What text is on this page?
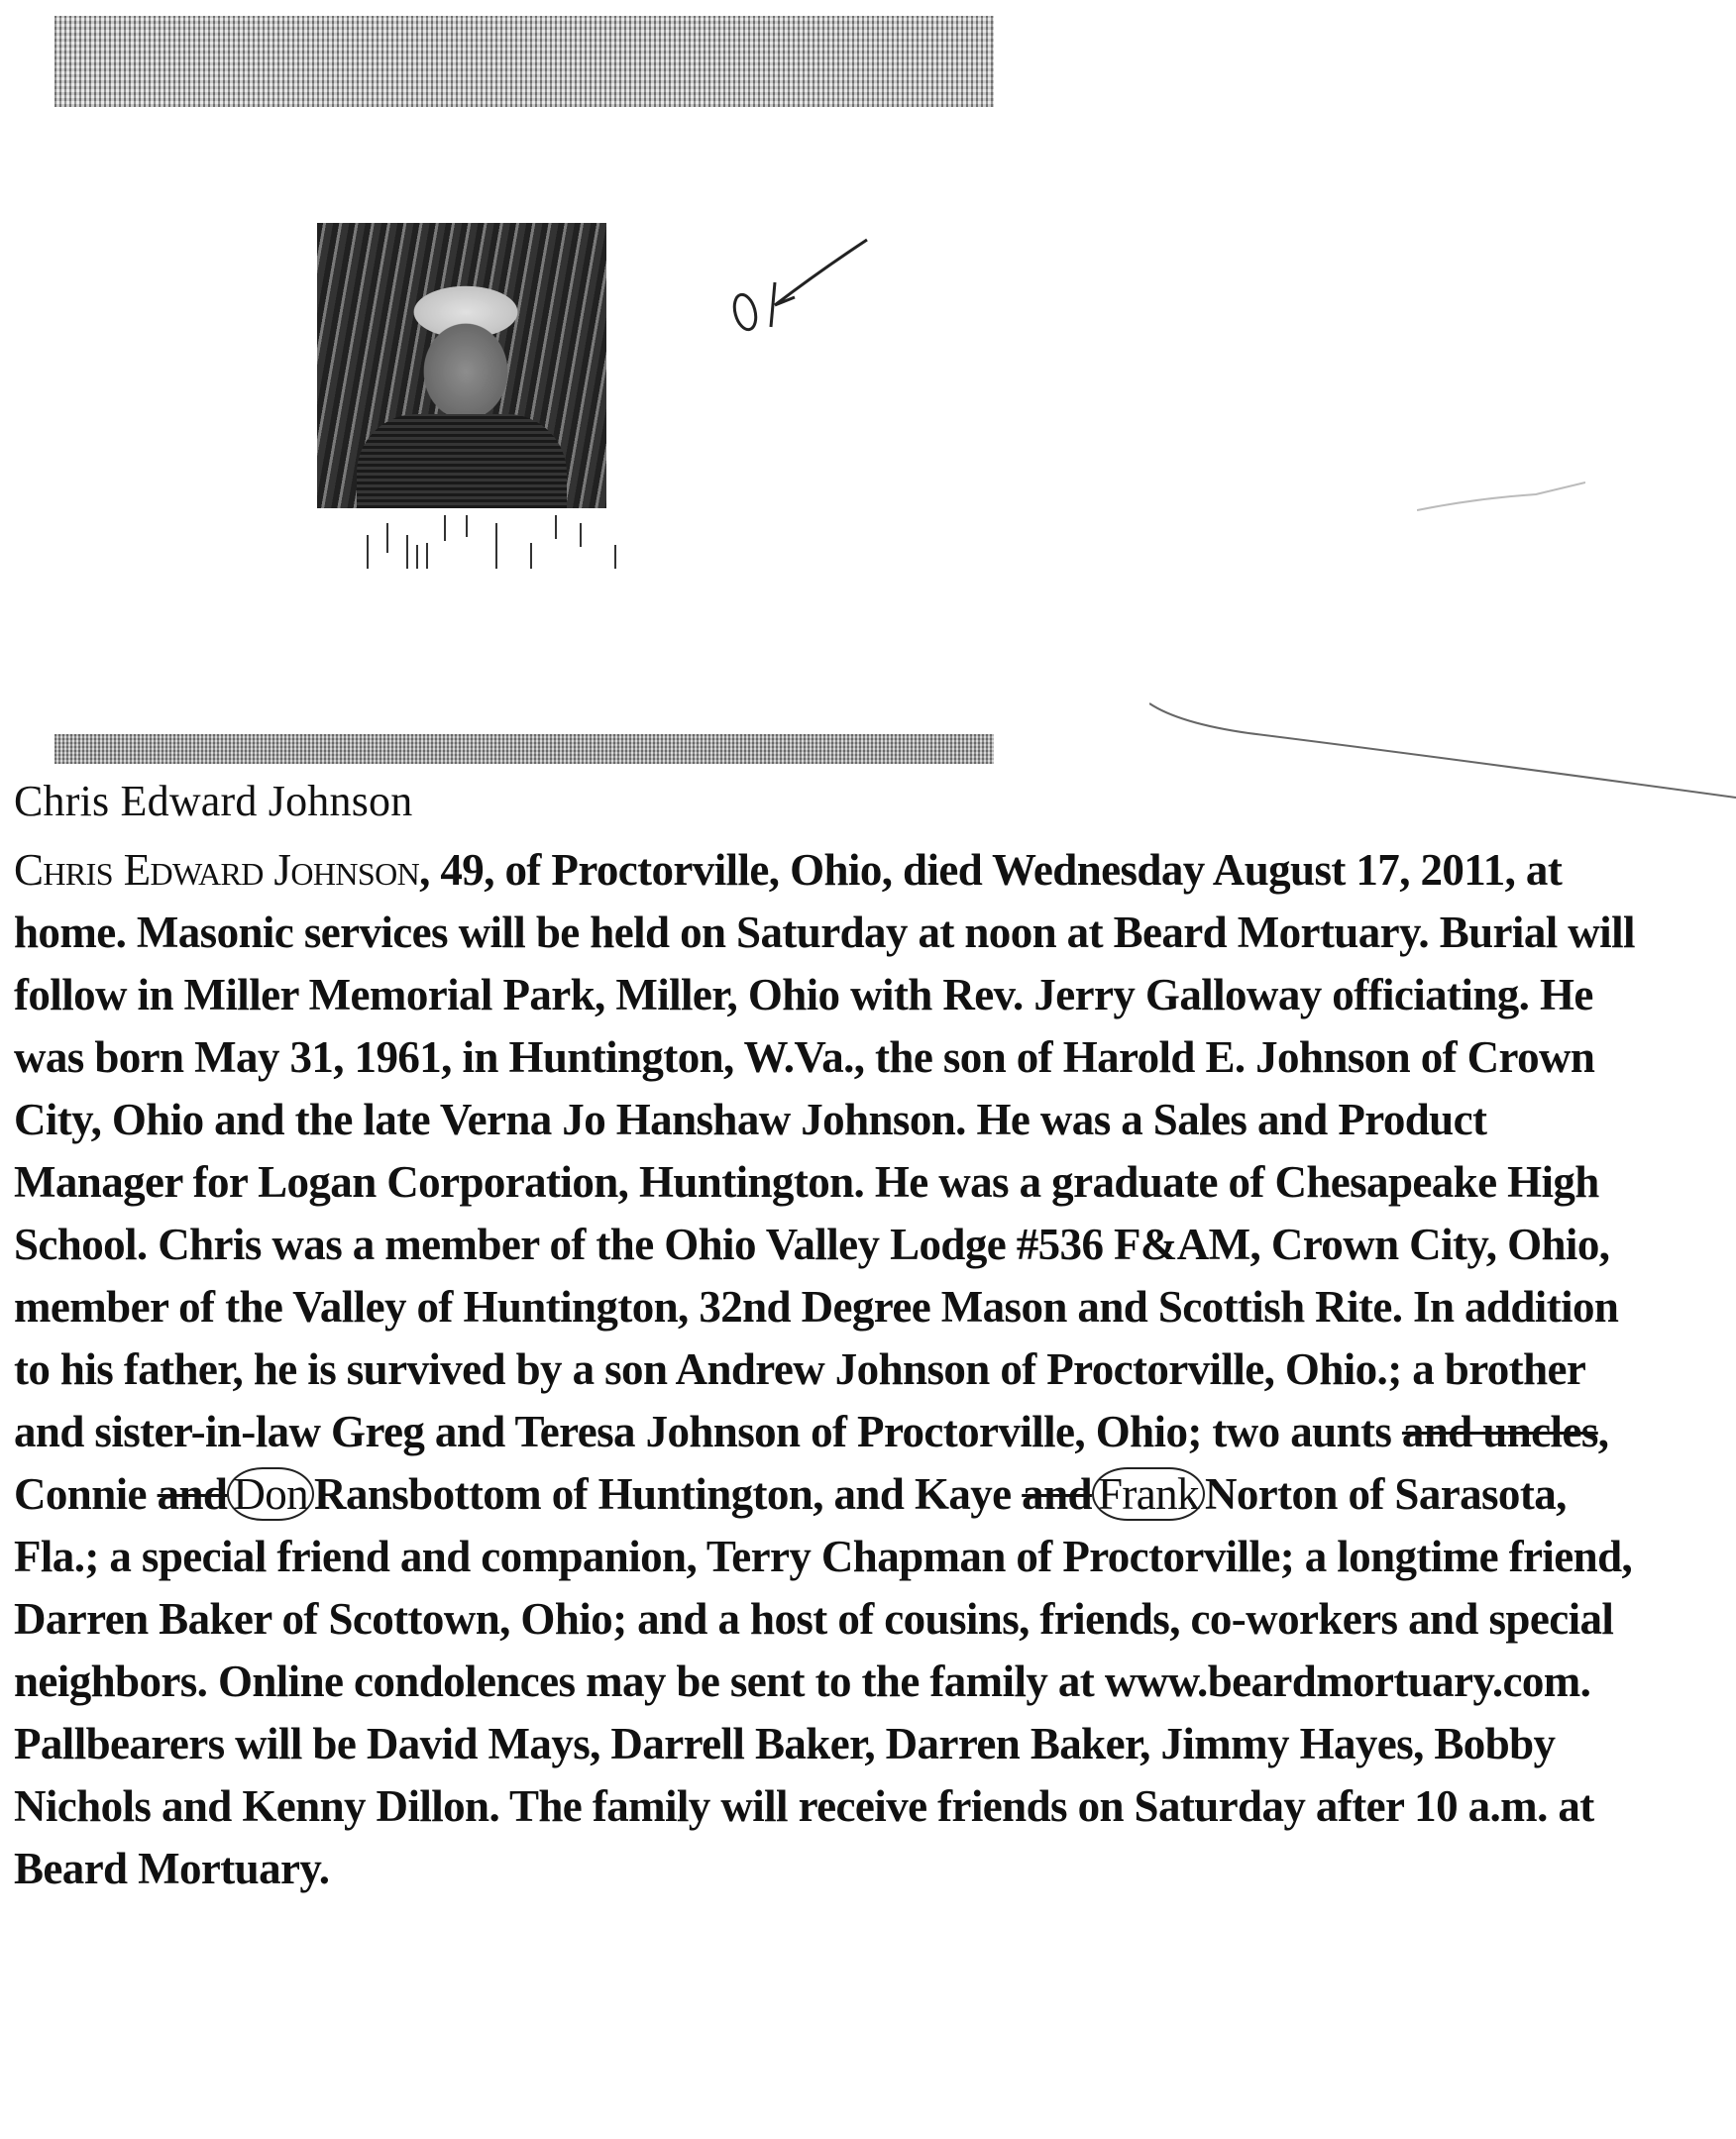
Chris Edward Johnson

Chris Edward Johnson, 49, of Proctorville, Ohio, died Wednesday August 17, 2011, at home. Masonic services will be held on Saturday at noon at Beard Mortuary. Burial will follow in Miller Memorial Park, Miller, Ohio with Rev. Jerry Galloway officiating. He was born May 31, 1961, in Huntington, W.Va., the son of Harold E. Johnson of Crown City, Ohio and the late Verna Jo Hanshaw Johnson. He was a Sales and Product Manager for Logan Corporation, Huntington. He was a graduate of Chesapeake High School. Chris was a member of the Ohio Valley Lodge #536 F&AM, Crown City, Ohio, member of the Valley of Huntington, 32nd Degree Mason and Scottish Rite. In addition to his father, he is survived by a son Andrew Johnson of Proctorville, Ohio.; a brother and sister-in-law Greg and Teresa Johnson of Proctorville, Ohio; two aunts and uncles, Connie and Don Ransbottom of Huntington, and Kaye and Frank Norton of Sarasota, Fla.; a special friend and companion, Terry Chapman of Proctorville; a longtime friend, Darren Baker of Scottown, Ohio; and a host of cousins, friends, co-workers and special neighbors. Online condolences may be sent to the family at www.beardmortuary.com. Pallbearers will be David Mays, Darrell Baker, Darren Baker, Jimmy Hayes, Bobby Nichols and Kenny Dillon. The family will receive friends on Saturday after 10 a.m. at Beard Mortuary.
